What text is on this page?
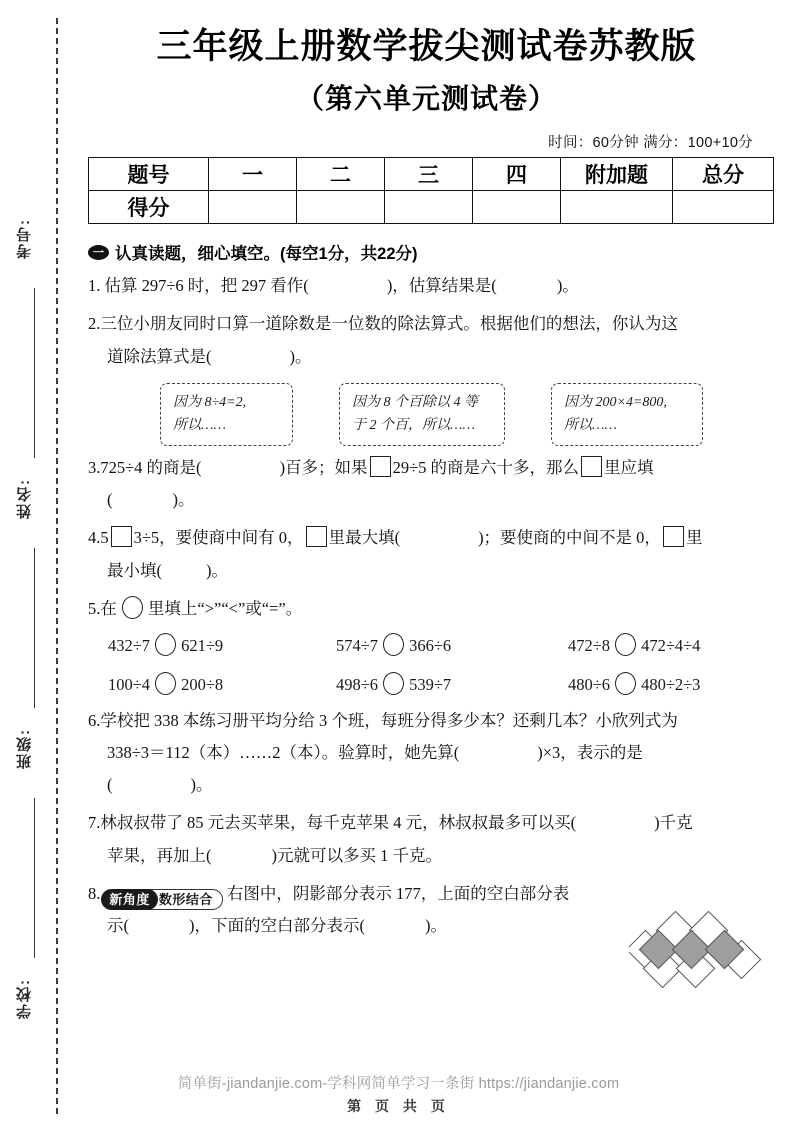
考号:
姓名:
班级:
学校:
三年级上册数学拔尖测试卷苏教版
（第六单元测试卷）
时间：60分钟 满分：100+10分
题号	一	二	三	四	附加题	总分
得分						
一 认真读题，细心填空。(每空1分，共22分)
1. 估算 297÷6 时，把 297 看作(	)，估算结果是(	)。
2.三位小朋友同时口算一道除数是一位数的除法算式。根据他们的想法，你认为这
道除法算式是(	)。
因为 8÷4=2,
所以……
因为 8 个百除以 4 等
于 2 个百，所以……
因为 200×4=800,
所以……
3.725÷4 的商是(	)百多；如果 29÷5 的商是六十多，那么 里应填
(	)。
4.5 3÷5，要使商中间有 0， 里最大填(	)；要使商的中间不是 0， 里
最小填(	)。
5.在 里填上“>”“<”或“=”。
432÷7 621÷9	574÷7 366÷6	472÷8 472÷4÷4
100÷4 200÷8	498÷6 539÷7	480÷6 480÷2÷3
6.学校把 338 本练习册平均分给 3 个班，每班分得多少本？还剩几本？小欣列式为
338÷3＝112（本）……2（本）。验算时，她先算(	)×3，表示的是
(	)。
7.林叔叔带了 85 元去买苹果，每千克苹果 4 元，林叔叔最多可以买(	)千克
苹果，再加上(	)元就可以多买 1 千克。
8. 新角度 数形结合 右图中，阴影部分表示 177，上面的空白部分表
示(	)，下面的空白部分表示(	)。
简单街-jiandanjie.com-学科网简单学习一条街 https://jiandanjie.com
第 页 共 页
